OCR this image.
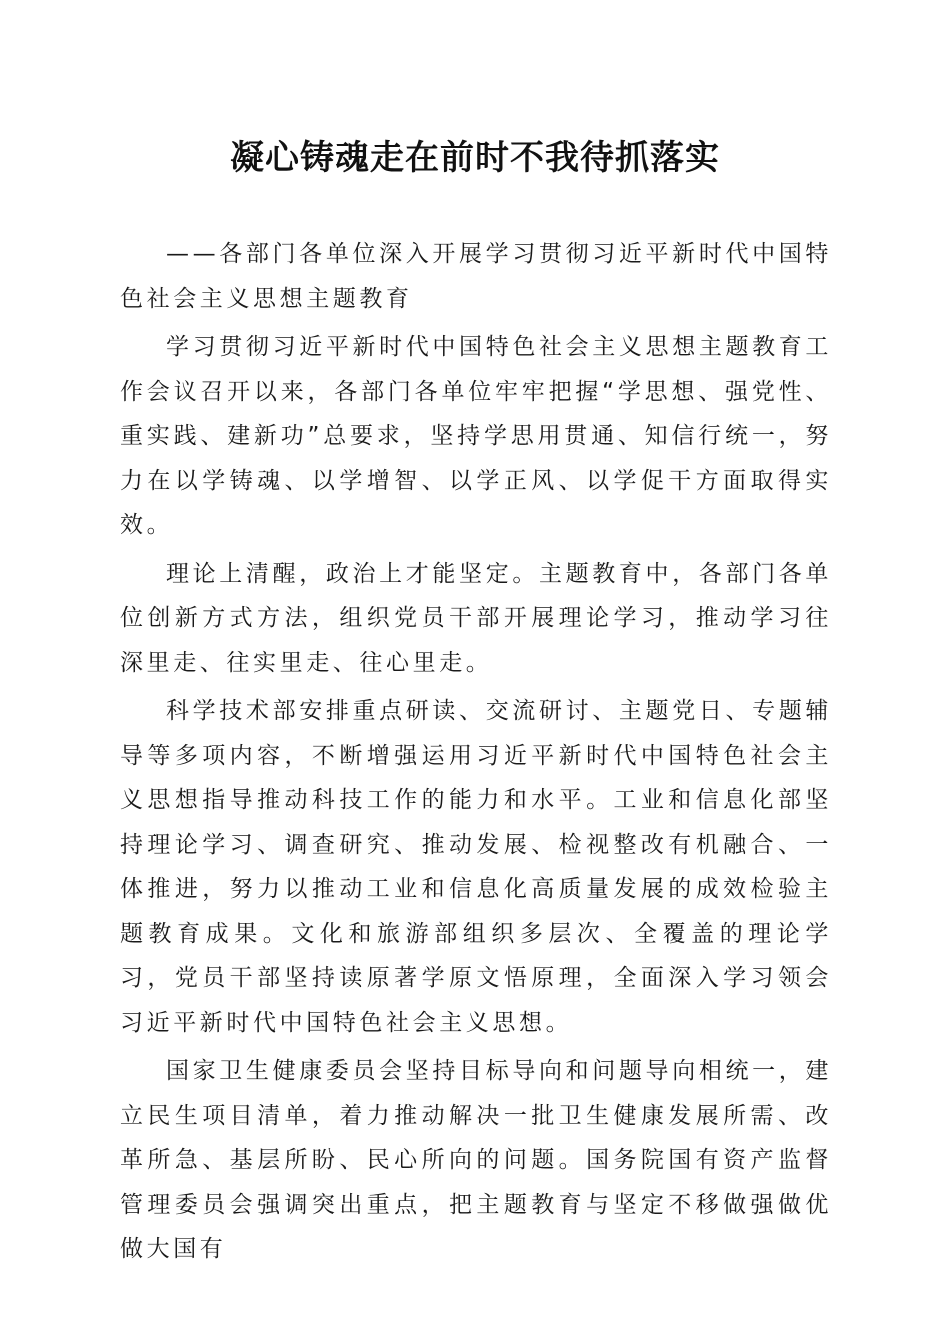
凝心铸魂走在前时不我待抓落实

——各部门各单位深入开展学习贯彻习近平新时代中国特色社会主义思想主题教育

学习贯彻习近平新时代中国特色社会主义思想主题教育工作会议召开以来，各部门各单位牢牢把握“学思想、强党性、重实践、建新功”总要求，坚持学思用贯通、知信行统一，努力在以学铸魂、以学增智、以学正风、以学促干方面取得实效。

理论上清醒，政治上才能坚定。主题教育中，各部门各单位创新方式方法，组织党员干部开展理论学习，推动学习往深里走、往实里走、往心里走。

科学技术部安排重点研读、交流研讨、主题党日、专题辅导等多项内容，不断增强运用习近平新时代中国特色社会主义思想指导推动科技工作的能力和水平。工业和信息化部坚持理论学习、调查研究、推动发展、检视整改有机融合、一体推进，努力以推动工业和信息化高质量发展的成效检验主题教育成果。文化和旅游部组织多层次、全覆盖的理论学习，党员干部坚持读原著学原文悟原理，全面深入学习领会习近平新时代中国特色社会主义思想。

国家卫生健康委员会坚持目标导向和问题导向相统一，建立民生项目清单，着力推动解决一批卫生健康发展所需、改革所急、基层所盼、民心所向的问题。国务院国有资产监督管理委员会强调突出重点，把主题教育与坚定不移做强做优做大国有
